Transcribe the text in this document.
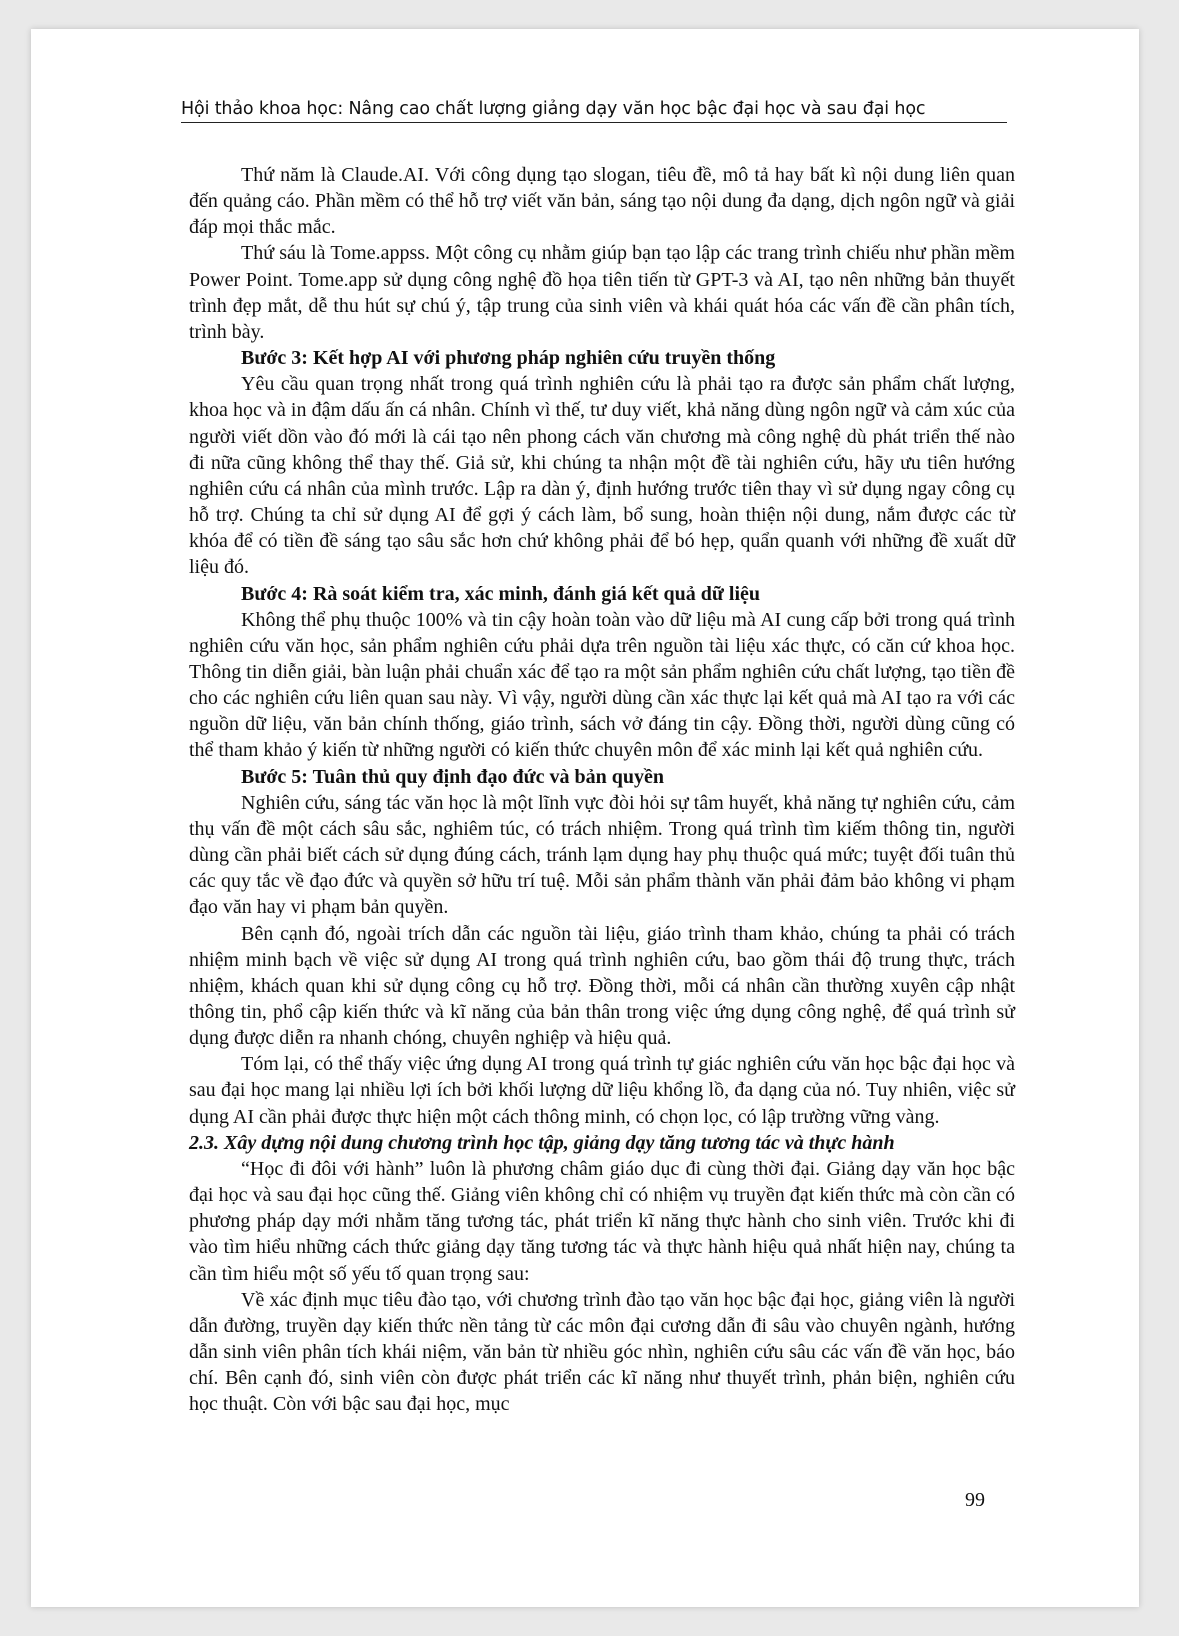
Hội thảo khoa học: Nâng cao chất lượng giảng dạy văn học bậc đại học và sau đại học

Thứ năm là Claude.AI. Với công dụng tạo slogan, tiêu đề, mô tả hay bất kì nội dung liên quan đến quảng cáo. Phần mềm có thể hỗ trợ viết văn bản, sáng tạo nội dung đa dạng, dịch ngôn ngữ và giải đáp mọi thắc mắc.

Thứ sáu là Tome.appss. Một công cụ nhằm giúp bạn tạo lập các trang trình chiếu như phần mềm Power Point. Tome.app sử dụng công nghệ đồ họa tiên tiến từ GPT-3 và AI, tạo nên những bản thuyết trình đẹp mắt, dễ thu hút sự chú ý, tập trung của sinh viên và khái quát hóa các vấn đề cần phân tích, trình bày.

Bước 3: Kết hợp AI với phương pháp nghiên cứu truyền thống

Yêu cầu quan trọng nhất trong quá trình nghiên cứu là phải tạo ra được sản phẩm chất lượng, khoa học và in đậm dấu ấn cá nhân. Chính vì thế, tư duy viết, khả năng dùng ngôn ngữ và cảm xúc của người viết dồn vào đó mới là cái tạo nên phong cách văn chương mà công nghệ dù phát triển thế nào đi nữa cũng không thể thay thế. Giả sử, khi chúng ta nhận một đề tài nghiên cứu, hãy ưu tiên hướng nghiên cứu cá nhân của mình trước. Lập ra dàn ý, định hướng trước tiên thay vì sử dụng ngay công cụ hỗ trợ. Chúng ta chỉ sử dụng AI để gợi ý cách làm, bổ sung, hoàn thiện nội dung, nắm được các từ khóa để có tiền đề sáng tạo sâu sắc hơn chứ không phải để bó hẹp, quẩn quanh với những đề xuất dữ liệu đó.

Bước 4: Rà soát kiểm tra, xác minh, đánh giá kết quả dữ liệu

Không thể phụ thuộc 100% và tin cậy hoàn toàn vào dữ liệu mà AI cung cấp bởi trong quá trình nghiên cứu văn học, sản phẩm nghiên cứu phải dựa trên nguồn tài liệu xác thực, có căn cứ khoa học. Thông tin diễn giải, bàn luận phải chuẩn xác để tạo ra một sản phẩm nghiên cứu chất lượng, tạo tiền đề cho các nghiên cứu liên quan sau này. Vì vậy, người dùng cần xác thực lại kết quả mà AI tạo ra với các nguồn dữ liệu, văn bản chính thống, giáo trình, sách vở đáng tin cậy. Đồng thời, người dùng cũng có thể tham khảo ý kiến từ những người có kiến thức chuyên môn để xác minh lại kết quả nghiên cứu.

Bước 5: Tuân thủ quy định đạo đức và bản quyền

Nghiên cứu, sáng tác văn học là một lĩnh vực đòi hỏi sự tâm huyết, khả năng tự nghiên cứu, cảm thụ vấn đề một cách sâu sắc, nghiêm túc, có trách nhiệm. Trong quá trình tìm kiếm thông tin, người dùng cần phải biết cách sử dụng đúng cách, tránh lạm dụng hay phụ thuộc quá mức; tuyệt đối tuân thủ các quy tắc về đạo đức và quyền sở hữu trí tuệ. Mỗi sản phẩm thành văn phải đảm bảo không vi phạm đạo văn hay vi phạm bản quyền.

Bên cạnh đó, ngoài trích dẫn các nguồn tài liệu, giáo trình tham khảo, chúng ta phải có trách nhiệm minh bạch về việc sử dụng AI trong quá trình nghiên cứu, bao gồm thái độ trung thực, trách nhiệm, khách quan khi sử dụng công cụ hỗ trợ. Đồng thời, mỗi cá nhân cần thường xuyên cập nhật thông tin, phổ cập kiến thức và kĩ năng của bản thân trong việc ứng dụng công nghệ, để quá trình sử dụng được diễn ra nhanh chóng, chuyên nghiệp và hiệu quả.

Tóm lại, có thể thấy việc ứng dụng AI trong quá trình tự giác nghiên cứu văn học bậc đại học và sau đại học mang lại nhiều lợi ích bởi khối lượng dữ liệu khổng lồ, đa dạng của nó. Tuy nhiên, việc sử dụng AI cần phải được thực hiện một cách thông minh, có chọn lọc, có lập trường vững vàng.

2.3. Xây dựng nội dung chương trình học tập, giảng dạy tăng tương tác và thực hành

“Học đi đôi với hành” luôn là phương châm giáo dục đi cùng thời đại. Giảng dạy văn học bậc đại học và sau đại học cũng thế. Giảng viên không chỉ có nhiệm vụ truyền đạt kiến thức mà còn cần có phương pháp dạy mới nhằm tăng tương tác, phát triển kĩ năng thực hành cho sinh viên. Trước khi đi vào tìm hiểu những cách thức giảng dạy tăng tương tác và thực hành hiệu quả nhất hiện nay, chúng ta cần tìm hiểu một số yếu tố quan trọng sau:

Về xác định mục tiêu đào tạo, với chương trình đào tạo văn học bậc đại học, giảng viên là người dẫn đường, truyền dạy kiến thức nền tảng từ các môn đại cương dẫn đi sâu vào chuyên ngành, hướng dẫn sinh viên phân tích khái niệm, văn bản từ nhiều góc nhìn, nghiên cứu sâu các vấn đề văn học, báo chí. Bên cạnh đó, sinh viên còn được phát triển các kĩ năng như thuyết trình, phản biện, nghiên cứu học thuật. Còn với bậc sau đại học, mục

99
